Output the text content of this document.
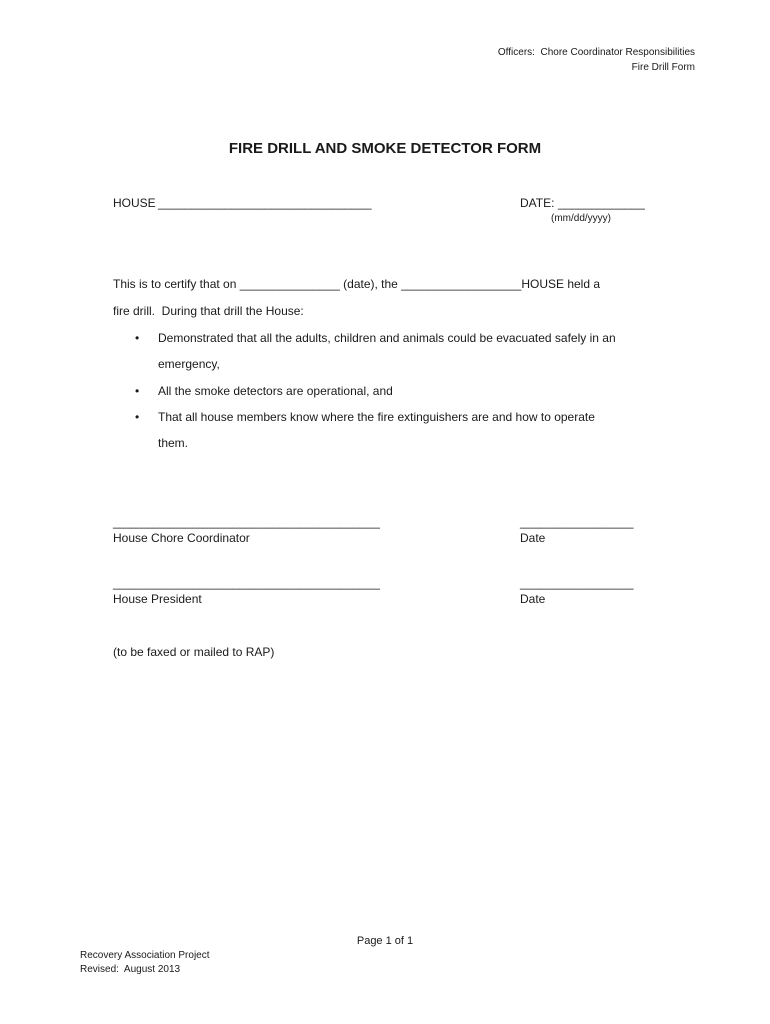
Officers:  Chore Coordinator Responsibilities
Fire Drill Form
FIRE DRILL AND SMOKE DETECTOR FORM
HOUSE ________________________________	DATE: _____________
(mm/dd/yyyy)
This is to certify that on _______________ (date), the __________________HOUSE held a
fire drill.  During that drill the House:
• Demonstrated that all the adults, children and animals could be evacuated safely in an
emergency,
• All the smoke detectors are operational, and
• That all house members know where the fire extinguishers are and how to operate
them.
________________________________________
House Chore Coordinator
_________________
Date
________________________________________
House President
_________________
Date
(to be faxed or mailed to RAP)
Page 1 of 1
Recovery Association Project
Revised:  August 2013
